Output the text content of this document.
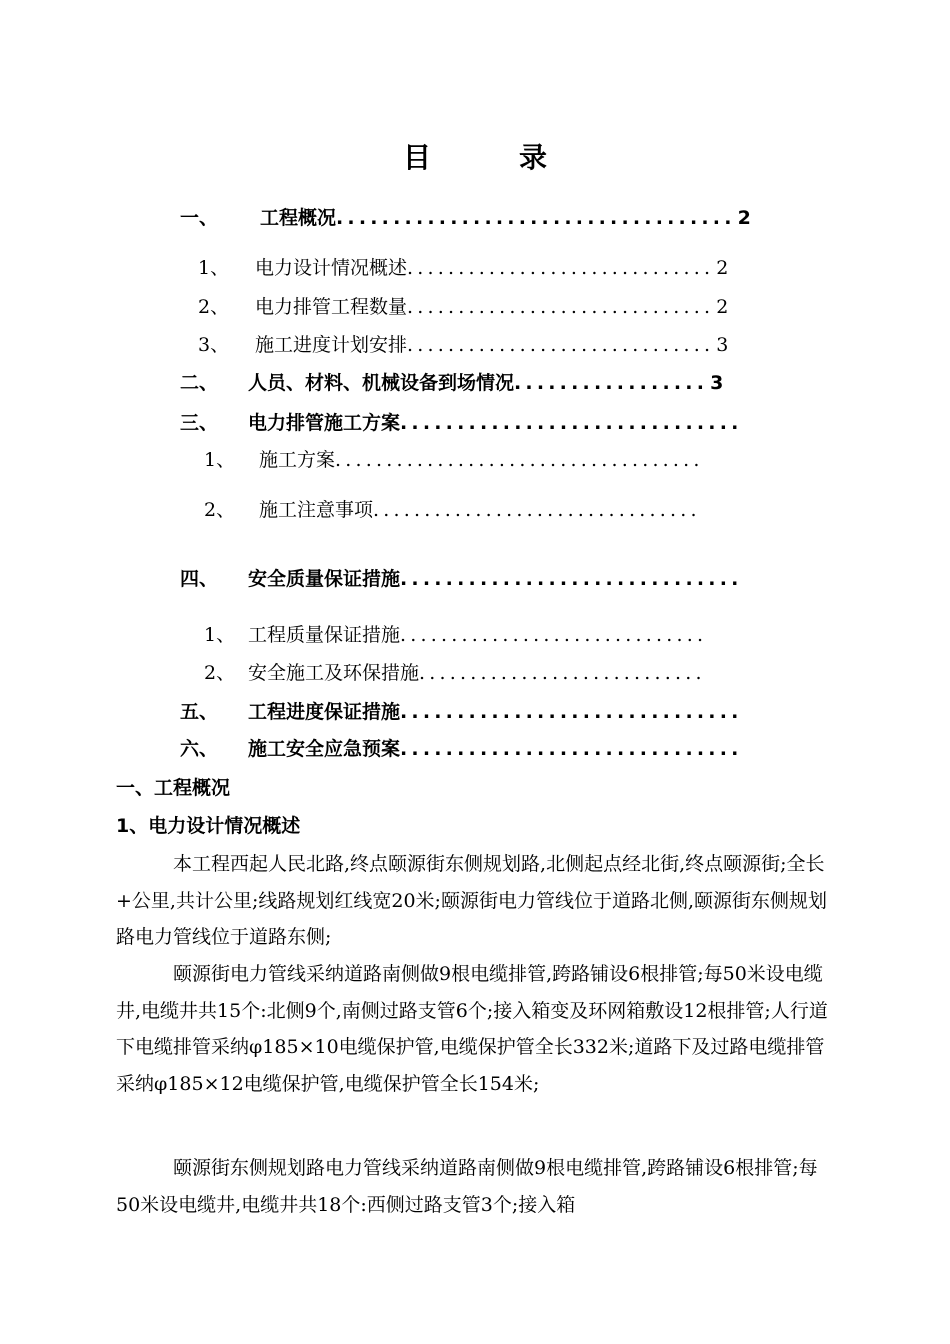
目　录
一、	工程概况 ................................... 2
1、	电力设计情况概述 .............................. 2
2、	电力排管工程数量 .............................. 2
3、	施工进度计划安排 .............................. 3
二、	人员、材料、机械设备到场情况 ................. 3
三、	电力排管施工方案 ..............................
1、	施工方案 ....................................
2、	施工注意事项 ................................
四、	安全质量保证措施 ..............................
1、 工程质量保证措施 ..............................
2、 安全施工及环保措施 ............................
五、	工程进度保证措施 ..............................
六、	施工安全应急预案 ..............................
一、工程概况
1、电力设计情况概述

本工程西起人民北路,终点颐源街东侧规划路,北侧起点经北街,终点颐源街;全长+公里,共计公里;线路规划红线宽20米;颐源街电力管线位于道路北侧,颐源街东侧规划路电力管线位于道路东侧;

颐源街电力管线采纳道路南侧做9根电缆排管,跨路铺设6根排管;每50米设电缆井,电缆井共15个:北侧9个,南侧过路支管6个;接入箱变及环网箱敷设12根排管;人行道下电缆排管采纳φ185×10电缆保护管,电缆保护管全长332米;道路下及过路电缆排管采纳φ185×12电缆保护管,电缆保护管全长154米;

颐源街东侧规划路电力管线采纳道路南侧做9根电缆排管,跨路铺设6根排管;每50米设电缆井,电缆井共18个:西侧过路支管3个;接入箱
